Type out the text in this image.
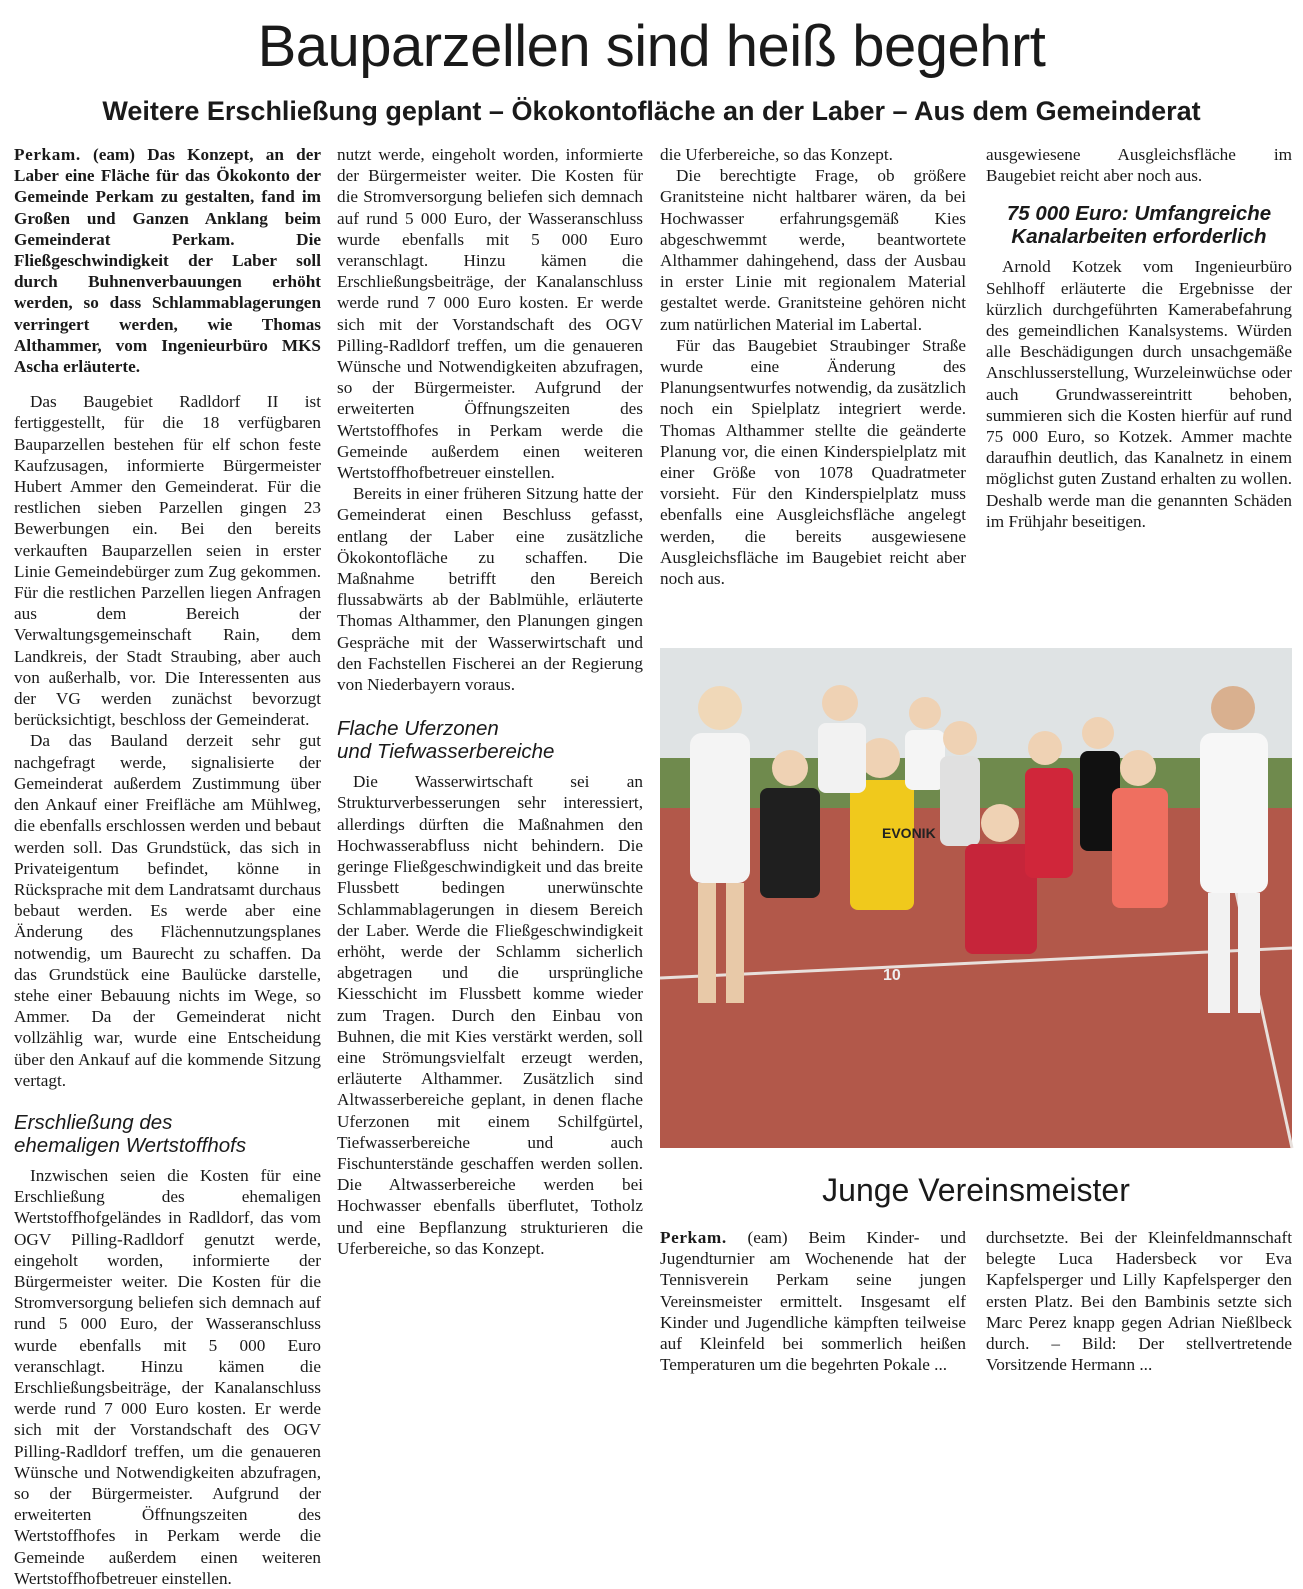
Bauparzellen sind heiß begehrt
Weitere Erschließung geplant – Ökokontofläche an der Laber – Aus dem Gemeinderat

Perkam. (eam) Das Konzept, an der Laber eine Fläche für das Ökokonto der Gemeinde Perkam zu gestalten, fand im Großen und Ganzen Anklang beim Gemeinderat Perkam. Die Fließgeschwindigkeit der Laber soll durch Buhnenverbauungen erhöht werden, so dass Schlammablagerungen verringert werden, wie Thomas Althammer, vom Ingenieurbüro MKS Ascha erläuterte.

Das Baugebiet Radldorf II ist fertiggestellt, für die 18 verfügbaren Bauparzellen bestehen für elf schon feste Kaufzusagen, informierte Bürgermeister Hubert Ammer den Gemeinderat. Für die restlichen sieben Parzellen gingen 23 Bewerbungen ein. Bei den bereits verkauften Bauparzellen seien in erster Linie Gemeindebürger zum Zug gekommen. Für die restlichen Parzellen liegen Anfragen aus dem Bereich der Verwaltungsgemeinschaft Rain, dem Landkreis, der Stadt Straubing, aber auch von außerhalb, vor. Die Interessenten aus der VG werden zunächst bevorzugt berücksichtigt, beschloss der Gemeinderat.

Da das Bauland derzeit sehr gut nachgefragt werde, signalisierte der Gemeinderat außerdem Zustimmung über den Ankauf einer Freifläche am Mühlweg, die ebenfalls erschlossen werden und bebaut werden soll. Das Grundstück, das sich in Privateigentum befindet, könne in Rücksprache mit dem Landratsamt durchaus bebaut werden. Es werde aber eine Änderung des Flächennutzungsplanes notwendig, um Baurecht zu schaffen. Da das Grundstück eine Baulücke darstelle, stehe einer Bebauung nichts im Wege, so Ammer. Da der Gemeinderat nicht vollzählig war, wurde eine Entscheidung über den Ankauf auf die kommende Sitzung vertagt.

Erschließung des
ehemaligen Wertstoffhofs

Inzwischen seien die Kosten für eine Erschließung des ehemaligen Wertstoffhofgeländes in Radldorf, das vom OGV Pilling-Radldorf genutzt werde, eingeholt worden, informierte der Bürgermeister weiter. Die Kosten für die Stromversorgung beliefen sich demnach auf rund 5 000 Euro, der Wasseranschluss wurde ebenfalls mit 5 000 Euro veranschlagt. Hinzu kämen die Erschließungsbeiträge, der Kanalanschluss werde rund 7 000 Euro kosten. Er werde sich mit der Vorstandschaft des OGV Pilling-Radldorf treffen, um die genaueren Wünsche und Notwendigkeiten abzufragen, so der Bürgermeister. Aufgrund der erweiterten Öffnungszeiten des Wertstoffhofes in Perkam werde die Gemeinde außerdem einen weiteren Wertstoffhofbetreuer einstellen.

nutzt werde, eingeholt worden, informierte der Bürgermeister weiter. Die Kosten für die Stromversorgung beliefen sich demnach auf rund 5 000 Euro, der Wasseranschluss wurde ebenfalls mit 5 000 Euro veranschlagt. Hinzu kämen die Erschließungsbeiträge, der Kanalanschluss werde rund 7 000 Euro kosten. Er werde sich mit der Vorstandschaft des OGV Pilling-Radldorf treffen, um die genaueren Wünsche und Notwendigkeiten abzufragen, so der Bürgermeister. Aufgrund der erweiterten Öffnungszeiten des Wertstoffhofes in Perkam werde die Gemeinde außerdem einen weiteren Wertstoffhofbetreuer einstellen.

Bereits in einer früheren Sitzung hatte der Gemeinderat einen Beschluss gefasst, entlang der Laber eine zusätzliche Ökokontofläche zu schaffen. Die Maßnahme betrifft den Bereich flussabwärts ab der Bablmühle, erläuterte Thomas Althammer, den Planungen gingen Gespräche mit der Wasserwirtschaft und den Fachstellen Fischerei an der Regierung von Niederbayern voraus.

Flache Uferzonen
und Tiefwasserbereiche

Die Wasserwirtschaft sei an Strukturverbesserungen sehr interessiert, allerdings dürften die Maßnahmen den Hochwasserabfluss nicht behindern. Die geringe Fließgeschwindigkeit und das breite Flussbett bedingen unerwünschte Schlammablagerungen in diesem Bereich der Laber. Werde die Fließgeschwindigkeit erhöht, werde der Schlamm sicherlich abgetragen und die ursprüngliche Kiesschicht im Flussbett komme wieder zum Tragen. Durch den Einbau von Buhnen, die mit Kies verstärkt werden, soll eine Strömungsvielfalt erzeugt werden, erläuterte Althammer. Zusätzlich sind Altwasserbereiche geplant, in denen flache Uferzonen mit einem Schilfgürtel, Tiefwasserbereiche und auch Fischunterstände geschaffen werden sollen. Die Altwasserbereiche werden bei Hochwasser ebenfalls überflutet, Totholz und eine Bepflanzung strukturieren die Uferbereiche, so das Konzept.

die Uferbereiche, so das Konzept.

Die berechtigte Frage, ob größere Granitsteine nicht haltbarer wären, da bei Hochwasser erfahrungsgemäß Kies abgeschwemmt werde, beantwortete Althammer dahingehend, dass der Ausbau in erster Linie mit regionalem Material gestaltet werde. Granitsteine gehören nicht zum natürlichen Material im Labertal.

Für das Baugebiet Straubinger Straße wurde eine Änderung des Planungsentwurfes notwendig, da zusätzlich noch ein Spielplatz integriert werde. Thomas Althammer stellte die geänderte Planung vor, die einen Kinderspielplatz mit einer Größe von 1078 Quadratmeter vorsieht. Für den Kinderspielplatz muss ebenfalls eine Ausgleichsfläche angelegt werden, die bereits ausgewiesene Ausgleichsfläche im Baugebiet reicht aber noch aus.

ausgewiesene Ausgleichsfläche im Baugebiet reicht aber noch aus.

75 000 Euro: Umfangreiche
Kanalarbeiten erforderlich

Arnold Kotzek vom Ingenieurbüro Sehlhoff erläuterte die Ergebnisse der kürzlich durchgeführten Kamerabefahrung des gemeindlichen Kanalsystems. Würden alle Beschädigungen durch unsachgemäße Anschlusserstellung, Wurzeleinwüchse oder auch Grundwassereintritt behoben, summieren sich die Kosten hierfür auf rund 75 000 Euro, so Kotzek. Ammer machte daraufhin deutlich, das Kanalnetz in einem möglichst guten Zustand erhalten zu wollen. Deshalb werde man die genannten Schäden im Frühjahr beseitigen.

EVONIK
10
Junge Vereinsmeister

Perkam. (eam) Beim Kinder- und Jugendturnier am Wochenende hat der Tennisverein Perkam seine jungen Vereinsmeister ermittelt. Insgesamt elf Kinder und Jugendliche kämpften teilweise auf Kleinfeld bei sommerlich heißen Temperaturen um die begehrten Pokale ...

durchsetzte. Bei der Kleinfeldmannschaft belegte Luca Hadersbeck vor Eva Kapfelsperger und Lilly Kapfelsperger den ersten Platz. Bei den Bambinis setzte sich Marc Perez knapp gegen Adrian Nießlbeck durch. – Bild: Der stellvertretende Vorsitzende Hermann ...
